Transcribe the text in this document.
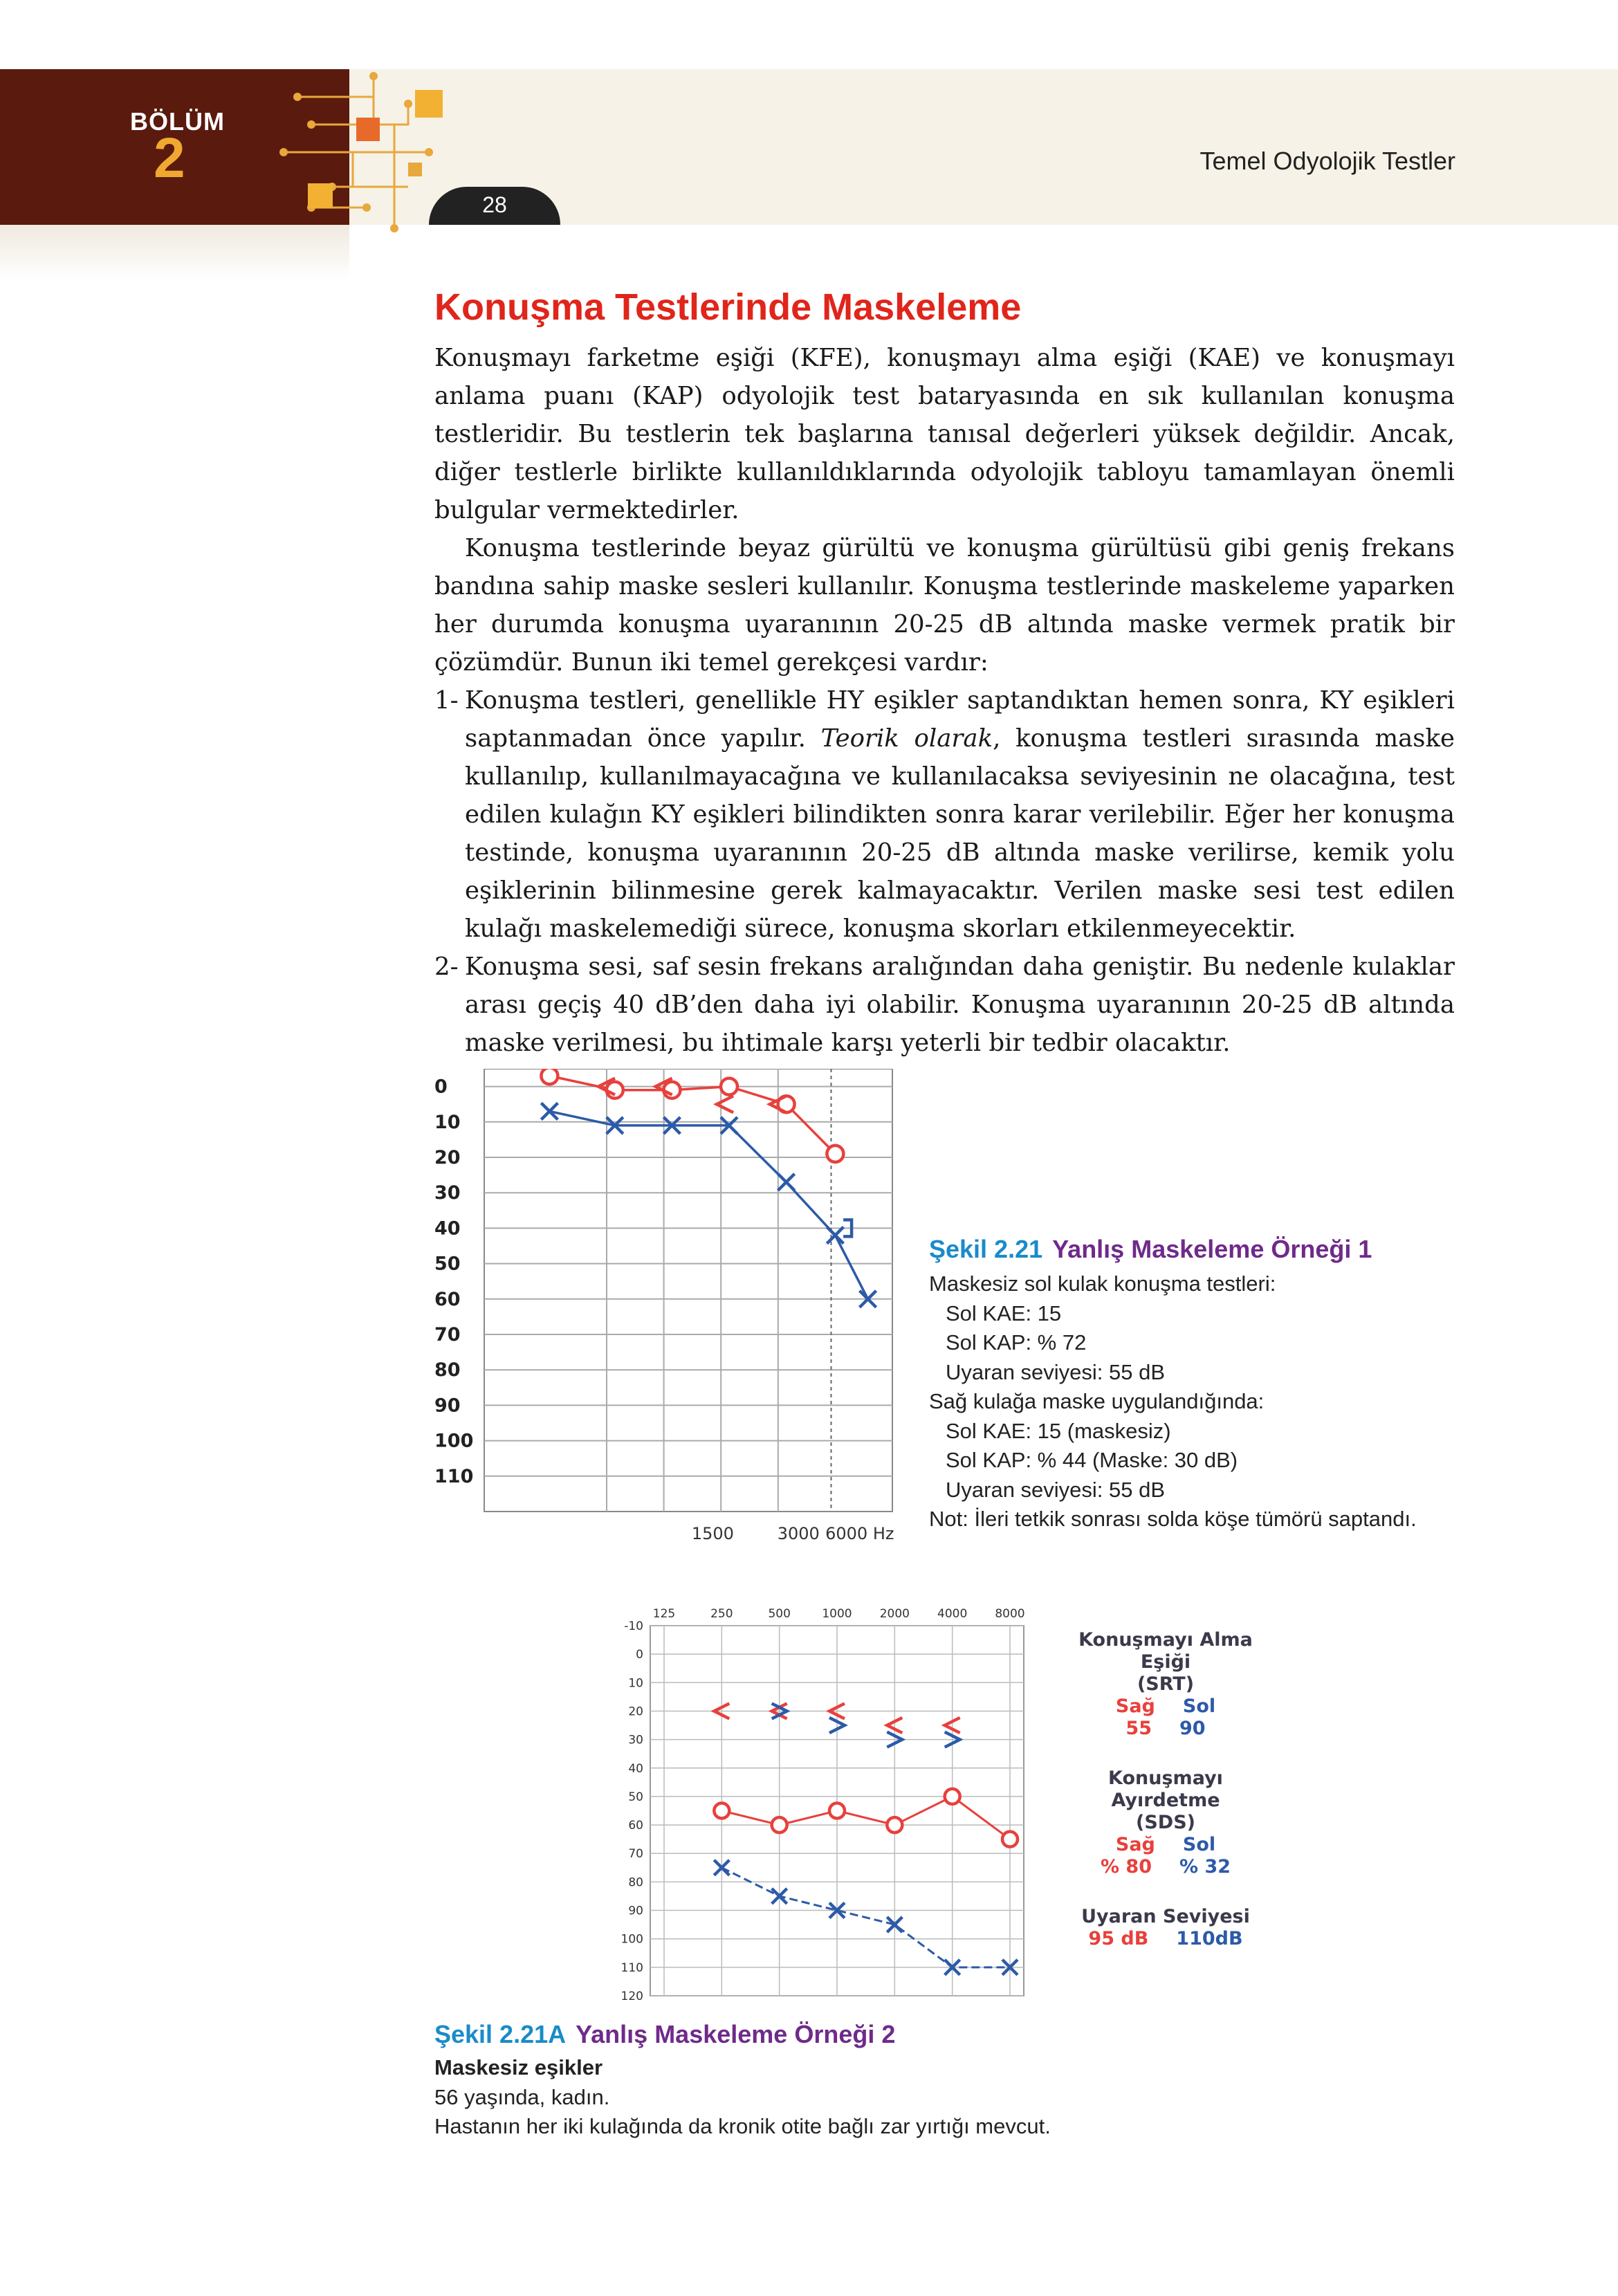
BÖLÜM
2
28
Temel Odyolojik Testler
Konuşma Testlerinde Maskeleme

Konuşmayı farketme eşiği (KFE), konuşmayı alma eşiği (KAE) ve konuşmayı anlama puanı (KAP) odyolojik test bataryasında en sık kullanılan konuşma testleridir. Bu testlerin tek başlarına tanısal değerleri yüksek değildir. Ancak, diğer testlerle birlikte kullanıldıklarında odyolojik tabloyu tamamlayan önemli bulgular vermektedirler.

Konuşma testlerinde beyaz gürültü ve konuşma gürültüsü gibi geniş frekans bandına sahip maske sesleri kullanılır. Konuşma testlerinde maskeleme yaparken her durumda konuşma uyaranının 20-25 dB altında maske vermek pratik bir çözümdür. Bunun iki temel gerekçesi vardır:

1- Konuşma testleri, genellikle HY eşikler saptandıktan hemen sonra, KY eşikleri saptanmadan önce yapılır. Teorik olarak, konuşma testleri sırasında maske kullanılıp, kullanılmayacağına ve kullanılacaksa seviyesinin ne olacağına, test edilen kulağın KY eşikleri bilindikten sonra karar verilebilir. Eğer her konuşma testinde, konuşma uyaranının 20-25 dB altında maske verilirse, kemik yolu eşiklerinin bilinmesine gerek kalmayacaktır. Verilen maske sesi test edilen kulağı maskelemediği sürece, konuşma skorları etkilenmeyecektir.
2- Konuşma sesi, saf sesin frekans aralığından daha geniştir. Bu nedenle kulaklar arası geçiş 40 dB’den daha iyi olabilir. Konuşma uyaranının 20-25 dB altında maske verilmesi, bu ihtimale karşı yeterli bir tedbir olacaktır.
0
10
20
30
40
50
60
70
80
90
100
110
1500	3000 6000 Hz
Şekil 2.21 Yanlış Maskeleme Örneği 1
Maskesiz sol kulak konuşma testleri:
Sol KAE: 15
Sol KAP: % 72
Uyaran seviyesi: 55 dB
Sağ kulağa maske uygulandığında:
Sol KAE: 15 (maskesiz)
Sol KAP: % 44 (Maske: 30 dB)
Uyaran seviyesi: 55 dB
Not: İleri tetkik sonrası solda köşe tümörü saptandı.
-10
0
10
20
30
40
50
60
70
80
90
100
110
120
125	250	500	1000 2000 4000 8000
Konuşmayı Alma Eşiği
(SRT)
Sağ Sol
55 90
Konuşmayı Ayırdetme
(SDS)
Sağ Sol
% 80 % 32
Uyaran Seviyesi
95 dB 110dB
Şekil 2.21A Yanlış Maskeleme Örneği 2
Maskesiz eşikler
56 yaşında, kadın.
Hastanın her iki kulağında da kronik otite bağlı zar yırtığı mevcut.
